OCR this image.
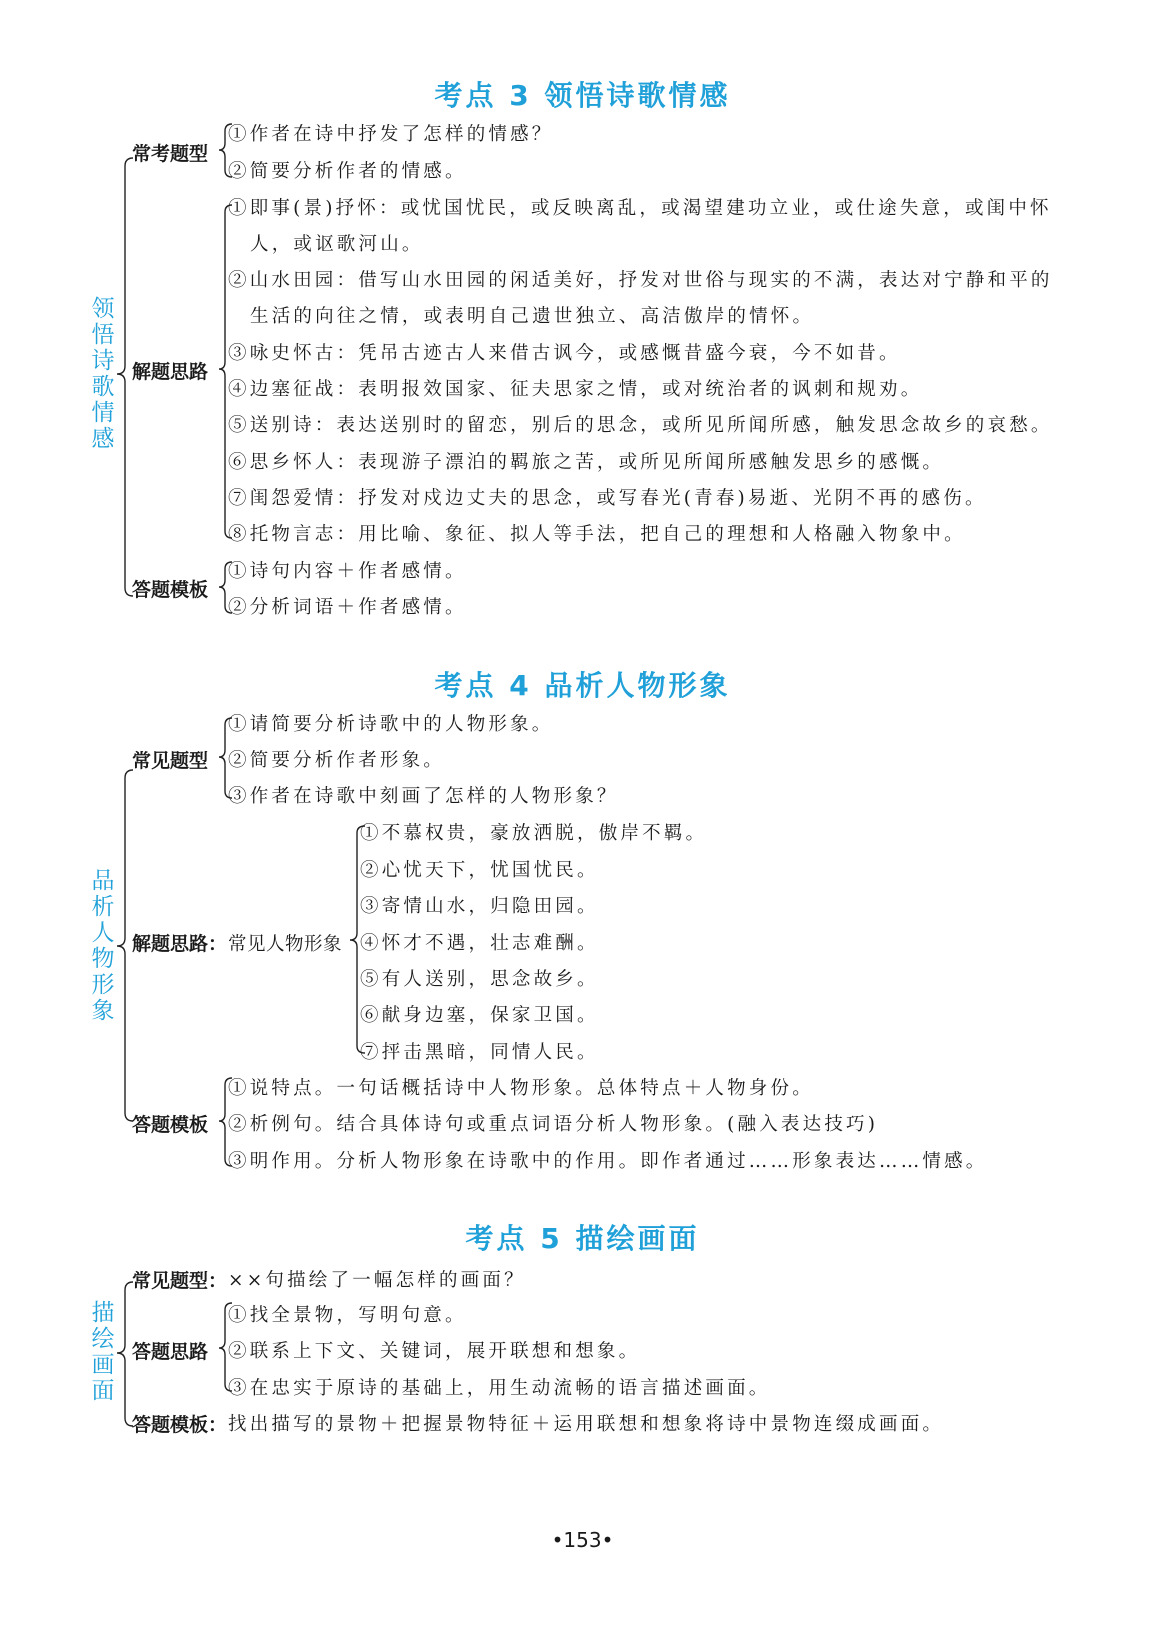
考点 3 领悟诗歌情感
领
悟
诗
歌
情
感
常考题型
①作者在诗中抒发了怎样的情感？
②简要分析作者的情感。
解题思路
①即事(景)抒怀：或忧国忧民，或反映离乱，或渴望建功立业，或仕途失意，或闺中怀
人，或讴歌河山。
②山水田园：借写山水田园的闲适美好，抒发对世俗与现实的不满，表达对宁静和平的
生活的向往之情，或表明自己遗世独立、高洁傲岸的情怀。
③咏史怀古：凭吊古迹古人来借古讽今，或感慨昔盛今衰，今不如昔。
④边塞征战：表明报效国家、征夫思家之情，或对统治者的讽刺和规劝。
⑤送别诗：表达送别时的留恋，别后的思念，或所见所闻所感，触发思念故乡的哀愁。
⑥思乡怀人：表现游子漂泊的羁旅之苦，或所见所闻所感触发思乡的感慨。
⑦闺怨爱情：抒发对戍边丈夫的思念，或写春光(青春)易逝、光阴不再的感伤。
⑧托物言志：用比喻、象征、拟人等手法，把自己的理想和人格融入物象中。
答题模板
①诗句内容＋作者感情。
②分析词语＋作者感情。
考点 4 品析人物形象
品
析
人
物
形
象
常见题型
①请简要分析诗歌中的人物形象。
②简要分析作者形象。
③作者在诗歌中刻画了怎样的人物形象？
解题思路： 常见人物形象
①不慕权贵，豪放洒脱，傲岸不羁。
②心忧天下，忧国忧民。
③寄情山水，归隐田园。
④怀才不遇，壮志难酬。
⑤有人送别，思念故乡。
⑥献身边塞，保家卫国。
⑦抨击黑暗，同情人民。
答题模板
①说特点。一句话概括诗中人物形象。总体特点＋人物身份。
②析例句。结合具体诗句或重点词语分析人物形象。(融入表达技巧)
③明作用。分析人物形象在诗歌中的作用。即作者通过……形象表达……情感。
考点 5 描绘画面
描
绘
画
面
常见题型： ××句描绘了一幅怎样的画面？
答题思路
①找全景物，写明句意。
②联系上下文、关键词，展开联想和想象。
③在忠实于原诗的基础上，用生动流畅的语言描述画面。
答题模板： 找出描写的景物＋把握景物特征＋运用联想和想象将诗中景物连缀成画面。
•153•
